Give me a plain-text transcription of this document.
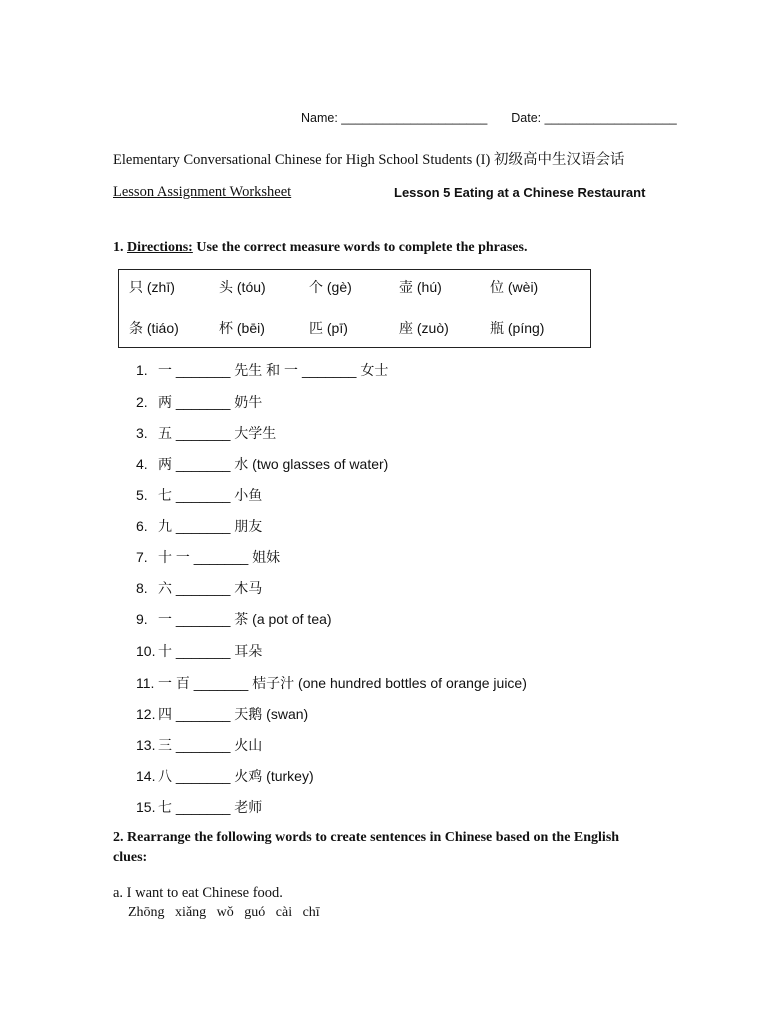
Name: _____________________ Date: ___________________
Elementary Conversational Chinese for High School Students (I) 初级高中生汉语会话
Lesson Assignment Worksheet	Lesson 5 Eating at a Chinese Restaurant
1. Directions: Use the correct measure words to complete the phrases.
只 (zhī)	头 (tóu)	个 (gè)	壶 (hú)	位 (wèi)
条 (tiáo)	杯 (bēi)	匹 (pī)	座 (zuò)	瓶 (píng)
1. 一 _______ 先生 和 一 _______ 女士
2. 两 _______ 奶牛
3. 五 _______ 大学生
4. 两 _______ 水 (two glasses of water)
5. 七 _______ 小鱼
6. 九 _______ 朋友
7. 十 一 _______ 姐妹
8. 六 _______ 木马
9. 一 _______ 茶 (a pot of tea)
10. 十 _______ 耳朵
11. 一 百 _______ 桔子汁 (one hundred bottles of orange juice)
12. 四 _______ 天鹅 (swan)
13. 三 _______ 火山
14. 八 _______ 火鸡 (turkey)
15. 七 _______ 老师
2. Rearrange the following words to create sentences in Chinese based on the English clues:
a. I want to eat Chinese food.
Zhōng xiǎng wǒ guó cài chī
